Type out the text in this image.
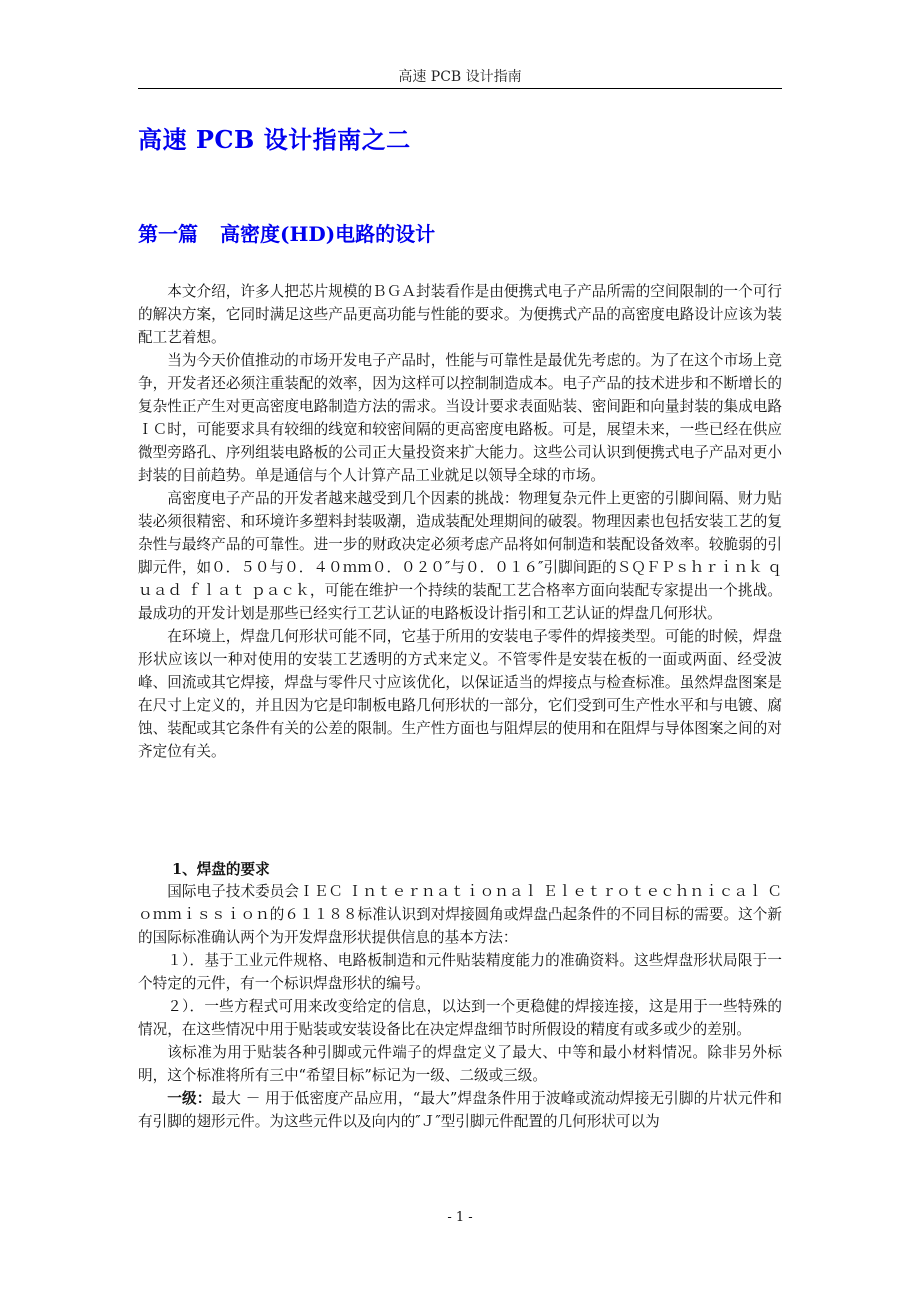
高速 PCB 设计指南
高速 PCB 设计指南之二
第一篇 高密度(HD)电路的设计

本文介绍，许多人把芯片规模的ＢＧＡ封装看作是由便携式电子产品所需的空间限制的一个可行的解决方案，它同时满足这些产品更高功能与性能的要求。为便携式产品的高密度电路设计应该为装配工艺着想。

当为今天价值推动的市场开发电子产品时，性能与可靠性是最优先考虑的。为了在这个市场上竞争，开发者还必须注重装配的效率，因为这样可以控制制造成本。电子产品的技术进步和不断增长的复杂性正产生对更高密度电路制造方法的需求。当设计要求表面贴装、密间距和向量封装的集成电路ＩＣ时，可能要求具有较细的线宽和较密间隔的更高密度电路板。可是，展望未来，一些已经在供应微型旁路孔、序列组装电路板的公司正大量投资来扩大能力。这些公司认识到便携式电子产品对更小封装的目前趋势。单是通信与个人计算产品工业就足以领导全球的市场。

高密度电子产品的开发者越来越受到几个因素的挑战：物理复杂元件上更密的引脚间隔、财力贴装必须很精密、和环境许多塑料封装吸潮，造成装配处理期间的破裂。物理因素也包括安装工艺的复杂性与最终产品的可靠性。进一步的财政决定必须考虑产品将如何制造和装配设备效率。较脆弱的引脚元件，如０．５０与０．４０ｍｍ０．０２０″与０．０１６″引脚间距的ＳＱＦＰｓｈｒｉｎｋ ｑｕａｄ ｆｌａｔ ｐａｃｋ，可能在维护一个持续的装配工艺合格率方面向装配专家提出一个挑战。最成功的开发计划是那些已经实行工艺认证的电路板设计指引和工艺认证的焊盘几何形状。

在环境上，焊盘几何形状可能不同，它基于所用的安装电子零件的焊接类型。可能的时候，焊盘形状应该以一种对使用的安装工艺透明的方式来定义。不管零件是安装在板的一面或两面、经受波峰、回流或其它焊接，焊盘与零件尺寸应该优化，以保证适当的焊接点与检查标准。虽然焊盘图案是在尺寸上定义的，并且因为它是印制板电路几何形状的一部分，它们受到可生产性水平和与电镀、腐蚀、装配或其它条件有关的公差的限制。生产性方面也与阻焊层的使用和在阻焊与导体图案之间的对齐定位有关。

1、焊盘的要求

国际电子技术委员会ＩＥＣ Ｉｎｔｅｒｎａｔｉｏｎａｌ Ｅｌｅｔｒｏｔｅｃｈｎｉｃａｌ Ｃｏｍｍｉｓｓｉｏｎ的６１１８８标准认识到对焊接圆角或焊盘凸起条件的不同目标的需要。这个新的国际标准确认两个为开发焊盘形状提供信息的基本方法：

１）．基于工业元件规格、电路板制造和元件贴装精度能力的准确资料。这些焊盘形状局限于一个特定的元件，有一个标识焊盘形状的编号。

２）．一些方程式可用来改变给定的信息，以达到一个更稳健的焊接连接，这是用于一些特殊的情况，在这些情况中用于贴装或安装设备比在决定焊盘细节时所假设的精度有或多或少的差别。

该标准为用于贴装各种引脚或元件端子的焊盘定义了最大、中等和最小材料情况。除非另外标明，这个标准将所有三中“希望目标”标记为一级、二级或三级。

一级：最大 － 用于低密度产品应用，“最大”焊盘条件用于波峰或流动焊接无引脚的片状元件和有引脚的翅形元件。为这些元件以及向内的″Ｊ″型引脚元件配置的几何形状可以为

- 1 -
